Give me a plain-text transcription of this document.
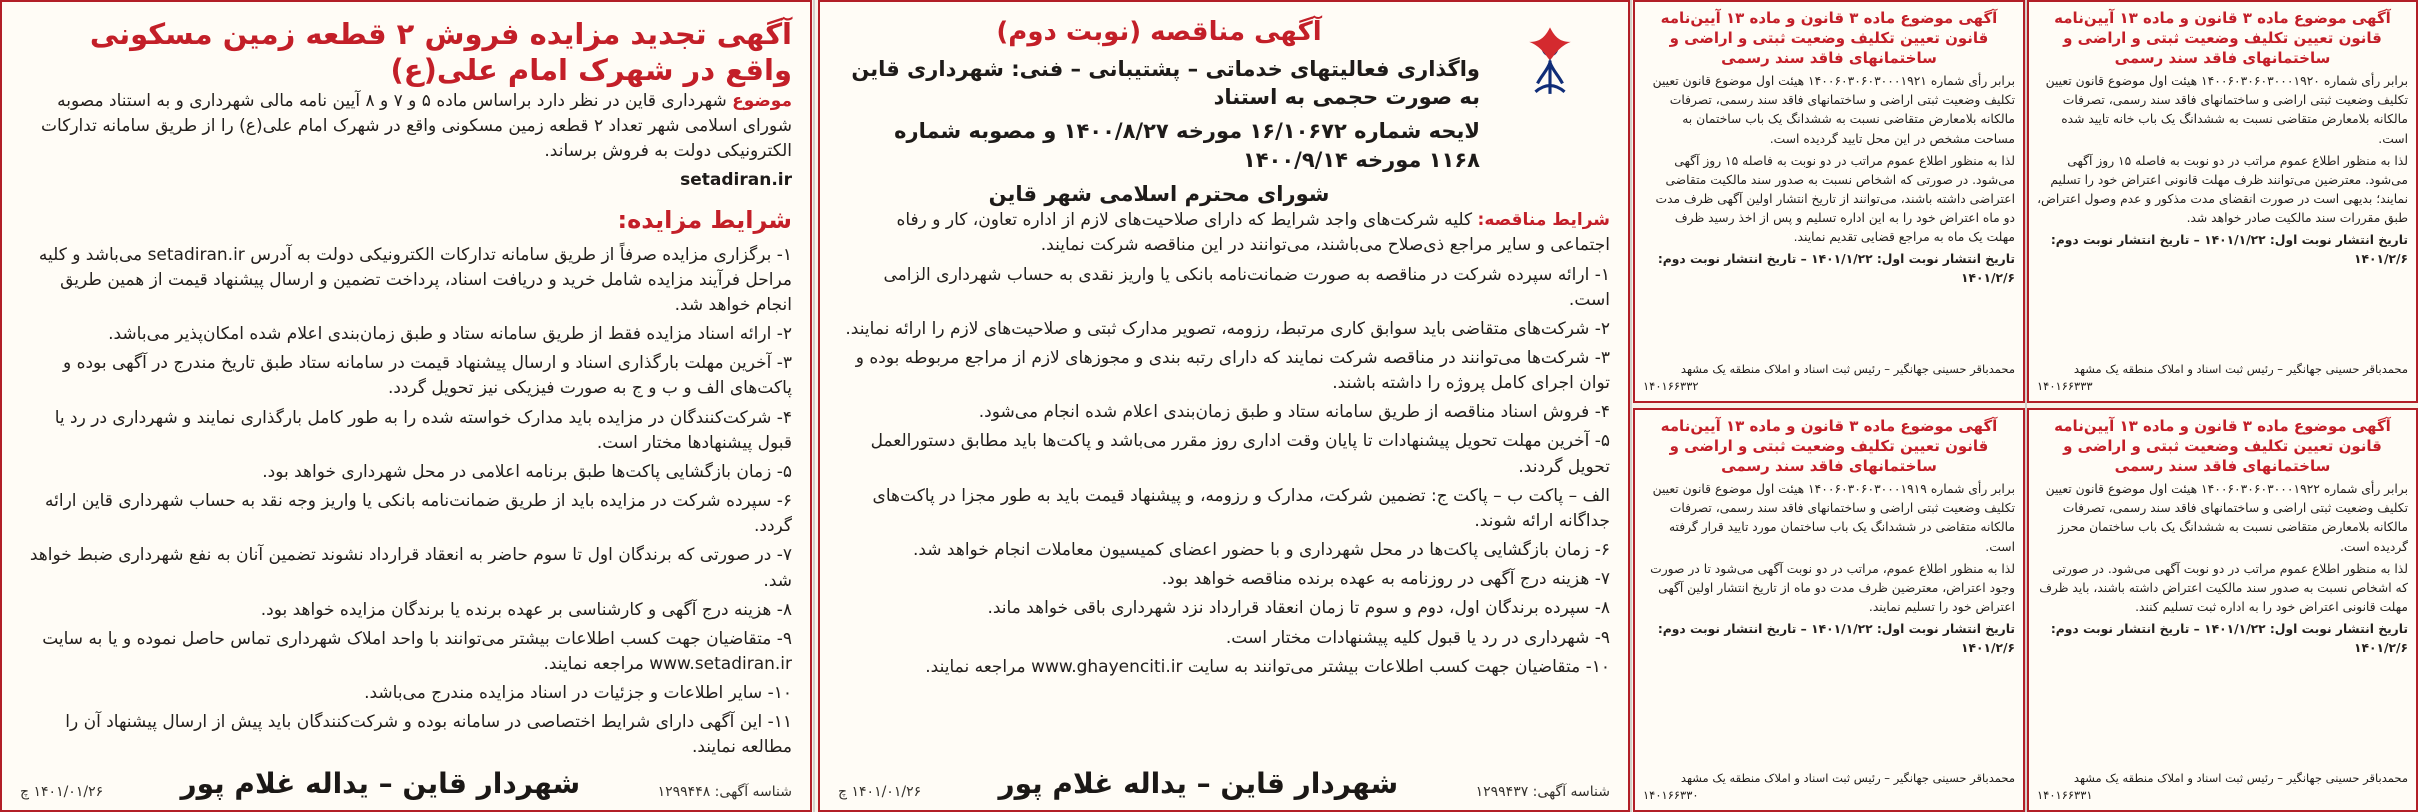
آگهی تجدید مزایده فروش ۲ قطعه زمین مسکونی واقع در شهرک امام علی(ع)

موضوع شهرداری قاین در نظر دارد براساس ماده ۵ و ۷ و ۸ آیین نامه مالی شهرداری و به استناد مصوبه شورای اسلامی شهر تعداد ۲ قطعه زمین مسکونی واقع در شهرک امام علی(ع) را از طریق سامانه تدارکات الکترونیکی دولت به فروش برساند.

setadiran.ir

شرایط مزایده:
۱- برگزاری مزایده صرفاً از طریق سامانه تدارکات الکترونیکی دولت به آدرس setadiran.ir می‌باشد و کلیه مراحل فرآیند مزایده شامل خرید و دریافت اسناد، پرداخت تضمین و ارسال پیشنهاد قیمت از همین طریق انجام خواهد شد.
۲- ارائه اسناد مزایده فقط از طریق سامانه ستاد و طبق زمان‌بندی اعلام شده امکان‌پذیر می‌باشد.
۳- آخرین مهلت بارگذاری اسناد و ارسال پیشنهاد قیمت در سامانه ستاد طبق تاریخ مندرج در آگهی بوده و پاکت‌های الف و ب و ج به صورت فیزیکی نیز تحویل گردد.
۴- شرکت‌کنندگان در مزایده باید مدارک خواسته شده را به طور کامل بارگذاری نمایند و شهرداری در رد یا قبول پیشنهادها مختار است.
۵- زمان بازگشایی پاکت‌ها طبق برنامه اعلامی در محل شهرداری خواهد بود.
۶- سپرده شرکت در مزایده باید از طریق ضمانت‌نامه بانکی یا واریز وجه نقد به حساب شهرداری قاین ارائه گردد.
۷- در صورتی که برندگان اول تا سوم حاضر به انعقاد قرارداد نشوند تضمین آنان به نفع شهرداری ضبط خواهد شد.
۸- هزینه درج آگهی و کارشناسی بر عهده برنده یا برندگان مزایده خواهد بود.
۹- متقاضیان جهت کسب اطلاعات بیشتر می‌توانند با واحد املاک شهرداری تماس حاصل نموده و یا به سایت www.setadiran.ir مراجعه نمایند.
۱۰- سایر اطلاعات و جزئیات در اسناد مزایده مندرج می‌باشد.
۱۱- این آگهی دارای شرایط اختصاصی در سامانه بوده و شرکت‌کنندگان باید پیش از ارسال پیشنهاد آن را مطالعه نمایند.
شناسه آگهی: ۱۲۹۹۴۴۸
شهردار قاین – یداله غلام پور
۱۴۰۱/۰۱/۲۶ چ
آگهی مناقصه (نوبت دوم)
واگذاری فعالیتهای خدماتی – پشتیبانی – فنی: شهرداری قاین به صورت حجمی به استناد
لایحه شماره ۱۶/۱۰۶۷۲ مورخه ۱۴۰۰/۸/۲۷ و مصوبه شماره ۱۱۶۸ مورخه ۱۴۰۰/۹/۱۴
شورای محترم اسلامی شهر قاین

شرایط مناقصه: کلیه شرکت‌های واجد شرایط که دارای صلاحیت‌های لازم از اداره تعاون، کار و رفاه اجتماعی و سایر مراجع ذی‌صلاح می‌باشند، می‌توانند در این مناقصه شرکت نمایند.

۱- ارائه سپرده شرکت در مناقصه به صورت ضمانت‌نامه بانکی یا واریز نقدی به حساب شهرداری الزامی است.
۲- شرکت‌های متقاضی باید سوابق کاری مرتبط، رزومه، تصویر مدارک ثبتی و صلاحیت‌های لازم را ارائه نمایند.
۳- شرکت‌ها می‌توانند در مناقصه شرکت نمایند که دارای رتبه بندی و مجوزهای لازم از مراجع مربوطه بوده و توان اجرای کامل پروژه را داشته باشند.
۴- فروش اسناد مناقصه از طریق سامانه ستاد و طبق زمان‌بندی اعلام شده انجام می‌شود.
۵- آخرین مهلت تحویل پیشنهادات تا پایان وقت اداری روز مقرر می‌باشد و پاکت‌ها باید مطابق دستورالعمل تحویل گردند.
الف – پاکت ب – پاکت ج: تضمین شرکت، مدارک و رزومه، و پیشنهاد قیمت باید به طور مجزا در پاکت‌های جداگانه ارائه شوند.
۶- زمان بازگشایی پاکت‌ها در محل شهرداری و با حضور اعضای کمیسیون معاملات انجام خواهد شد.
۷- هزینه درج آگهی در روزنامه به عهده برنده مناقصه خواهد بود.
۸- سپرده برندگان اول، دوم و سوم تا زمان انعقاد قرارداد نزد شهرداری باقی خواهد ماند.
۹- شهرداری در رد یا قبول کلیه پیشنهادات مختار است.
۱۰- متقاضیان جهت کسب اطلاعات بیشتر می‌توانند به سایت www.ghayenciti.ir مراجعه نمایند.
شناسه آگهی: ۱۲۹۹۴۳۷
شهردار قاین – یداله غلام پور
۱۴۰۱/۰۱/۲۶ چ
آگهی موضوع ماده ۳ قانون و ماده ۱۳ آیین‌نامه قانون تعیین تکلیف وضعیت ثبتی و اراضی و ساختمانهای فاقد سند رسمی

برابر رأی شماره ۱۴۰۰۶۰۳۰۶۰۳۰۰۰۱۹۲۱ هیئت اول موضوع قانون تعیین تکلیف وضعیت ثبتی اراضی و ساختمانهای فاقد سند رسمی، تصرفات مالکانه بلامعارض متقاضی نسبت به ششدانگ یک باب ساختمان به مساحت مشخص در این محل تایید گردیده است.

لذا به منظور اطلاع عموم مراتب در دو نوبت به فاصله ۱۵ روز آگهی می‌شود. در صورتی که اشخاص نسبت به صدور سند مالکیت متقاضی اعتراضی داشته باشند، می‌توانند از تاریخ انتشار اولین آگهی ظرف مدت دو ماه اعتراض خود را به این اداره تسلیم و پس از اخذ رسید ظرف مهلت یک ماه به مراجع قضایی تقدیم نمایند.

تاریخ انتشار نوبت اول: ۱۴۰۱/۱/۲۲ – تاریخ انتشار نوبت دوم: ۱۴۰۱/۲/۶

محمدباقر حسینی جهانگیر – رئیس ثبت اسناد و املاک منطقه یک مشهد
۱۴۰۱۶۶۳۳۲
آگهی موضوع ماده ۳ قانون و ماده ۱۳ آیین‌نامه قانون تعیین تکلیف وضعیت ثبتی و اراضی و ساختمانهای فاقد سند رسمی

برابر رأی شماره ۱۴۰۰۶۰۳۰۶۰۳۰۰۰۱۹۲۰ هیئت اول موضوع قانون تعیین تکلیف وضعیت ثبتی اراضی و ساختمانهای فاقد سند رسمی، تصرفات مالکانه بلامعارض متقاضی نسبت به ششدانگ یک باب خانه تایید شده است.

لذا به منظور اطلاع عموم مراتب در دو نوبت به فاصله ۱۵ روز آگهی می‌شود. معترضین می‌توانند ظرف مهلت قانونی اعتراض خود را تسلیم نمایند؛ بدیهی است در صورت انقضای مدت مذکور و عدم وصول اعتراض، طبق مقررات سند مالکیت صادر خواهد شد.

تاریخ انتشار نوبت اول: ۱۴۰۱/۱/۲۲ – تاریخ انتشار نوبت دوم: ۱۴۰۱/۲/۶

محمدباقر حسینی جهانگیر – رئیس ثبت اسناد و املاک منطقه یک مشهد
۱۴۰۱۶۶۳۳۳
آگهی موضوع ماده ۳ قانون و ماده ۱۳ آیین‌نامه قانون تعیین تکلیف وضعیت ثبتی و اراضی و ساختمانهای فاقد سند رسمی

برابر رأی شماره ۱۴۰۰۶۰۳۰۶۰۳۰۰۰۱۹۱۹ هیئت اول موضوع قانون تعیین تکلیف وضعیت ثبتی اراضی و ساختمانهای فاقد سند رسمی، تصرفات مالکانه متقاضی در ششدانگ یک باب ساختمان مورد تایید قرار گرفته است.

لذا به منظور اطلاع عموم، مراتب در دو نوبت آگهی می‌شود تا در صورت وجود اعتراض، معترضین ظرف مدت دو ماه از تاریخ انتشار اولین آگهی اعتراض خود را تسلیم نمایند.

تاریخ انتشار نوبت اول: ۱۴۰۱/۱/۲۲ – تاریخ انتشار نوبت دوم: ۱۴۰۱/۲/۶

محمدباقر حسینی جهانگیر – رئیس ثبت اسناد و املاک منطقه یک مشهد
۱۴۰۱۶۶۳۳۰
آگهی موضوع ماده ۳ قانون و ماده ۱۳ آیین‌نامه قانون تعیین تکلیف وضعیت ثبتی و اراضی و ساختمانهای فاقد سند رسمی

برابر رأی شماره ۱۴۰۰۶۰۳۰۶۰۳۰۰۰۱۹۲۲ هیئت اول موضوع قانون تعیین تکلیف وضعیت ثبتی اراضی و ساختمانهای فاقد سند رسمی، تصرفات مالکانه بلامعارض متقاضی نسبت به ششدانگ یک باب ساختمان محرز گردیده است.

لذا به منظور اطلاع عموم مراتب در دو نوبت آگهی می‌شود. در صورتی که اشخاص نسبت به صدور سند مالکیت اعتراض داشته باشند، باید ظرف مهلت قانونی اعتراض خود را به اداره ثبت تسلیم کنند.

تاریخ انتشار نوبت اول: ۱۴۰۱/۱/۲۲ – تاریخ انتشار نوبت دوم: ۱۴۰۱/۲/۶

محمدباقر حسینی جهانگیر – رئیس ثبت اسناد و املاک منطقه یک مشهد
۱۴۰۱۶۶۳۳۱
